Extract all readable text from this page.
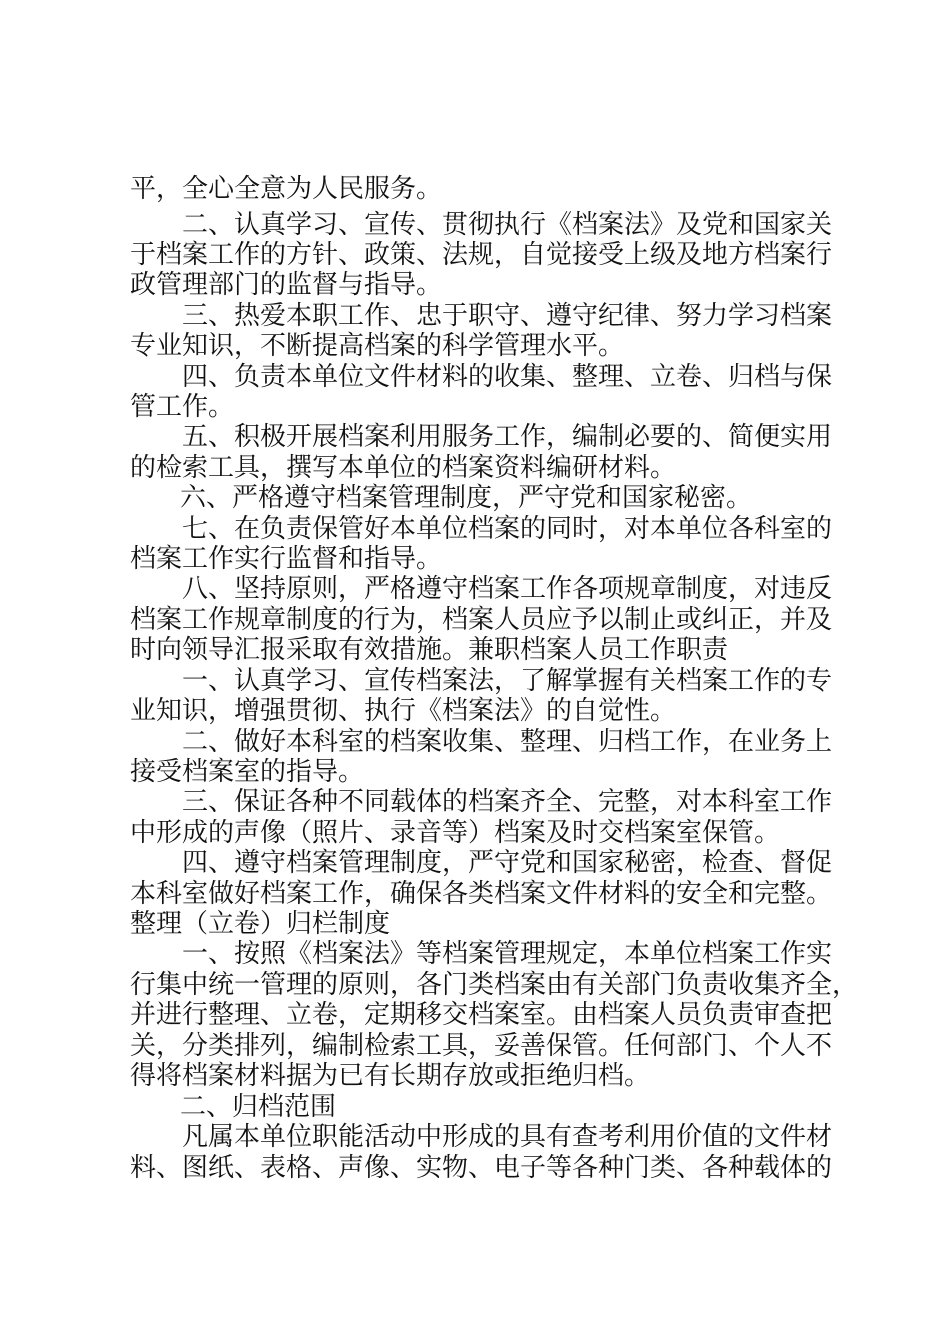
平，全心全意为人民服务。
二、认真学习、宣传、贯彻执行《档案法》及党和国家关
于档案工作的方针、政策、法规，自觉接受上级及地方档案行
政管理部门的监督与指导。
三、热爱本职工作、忠于职守、遵守纪律、努力学习档案
专业知识，不断提高档案的科学管理水平。
四、负责本单位文件材料的收集、整理、立卷、归档与保
管工作。
五、积极开展档案利用服务工作，编制必要的、简便实用
的检索工具，撰写本单位的档案资料编研材料。
六、严格遵守档案管理制度，严守党和国家秘密。
七、在负责保管好本单位档案的同时，对本单位各科室的
档案工作实行监督和指导。
八、坚持原则，严格遵守档案工作各项规章制度，对违反
档案工作规章制度的行为，档案人员应予以制止或纠正，并及
时向领导汇报采取有效措施。兼职档案人员工作职责
一、认真学习、宣传档案法，了解掌握有关档案工作的专
业知识，增强贯彻、执行《档案法》的自觉性。
二、做好本科室的档案收集、整理、归档工作，在业务上
接受档案室的指导。
三、保证各种不同载体的档案齐全、完整，对本科室工作
中形成的声像（照片、录音等）档案及时交档案室保管。
四、遵守档案管理制度，严守党和国家秘密，检查、督促
本科室做好档案工作，确保各类档案文件材料的安全和完整。
整理（立卷）归栏制度
一、按照《档案法》等档案管理规定，本单位档案工作实
行集中统一管理的原则，各门类档案由有关部门负责收集齐全，
并进行整理、立卷，定期移交档案室。由档案人员负责审查把
关，分类排列，编制检索工具，妥善保管。任何部门、个人不
得将档案材料据为已有长期存放或拒绝归档。
二、归档范围
凡属本单位职能活动中形成的具有查考利用价值的文件材
料、图纸、表格、声像、实物、电子等各种门类、各种载体的
